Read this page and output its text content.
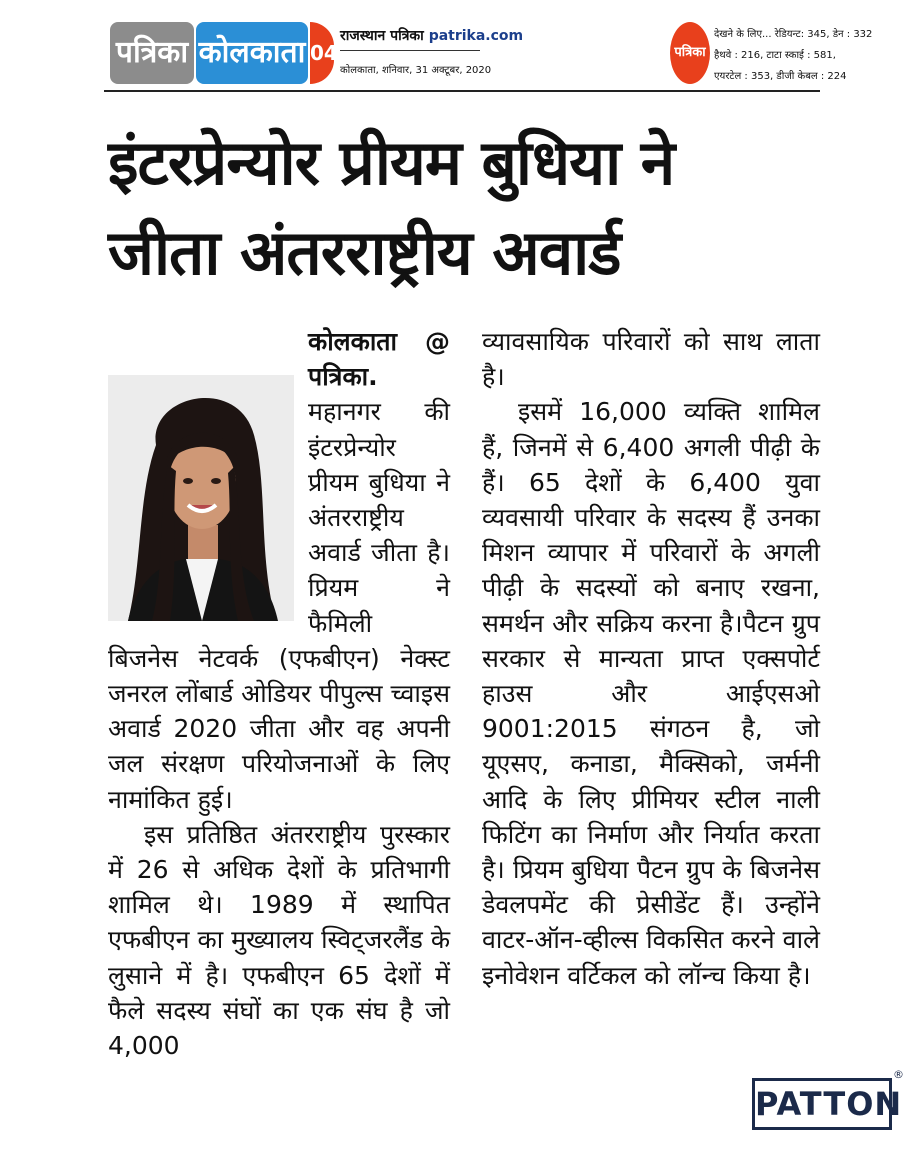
पत्रिका कोलकाता 04
राजस्थान पत्रिका patrika.com
कोलकाता, शनिवार, 31 अक्टूबर, 2020
पत्रिका
देखने के लिए... रेडियन्ट: 345, डेन : 332
हैथवे : 216, टाटा स्काई : 581,
एयरटेल : 353, डीजी केबल : 224
इंटरप्रेन्योर प्रीयम बुधिया ने
जीता अंतरराष्ट्रीय अवार्ड

कोलकाता @ पत्रिका. महानगर की इंटरप्रेन्योर प्रीयम बुधिया ने अंतरराष्ट्रीय अवार्ड जीता है। प्रियम ने फैमिली बिजनेस नेटवर्क (एफबीएन) नेक्स्ट जनरल लोंबार्ड ओडियर पीपुल्स च्वाइस अवार्ड 2020 जीता और वह अपनी जल संरक्षण परियोजनाओं के लिए नामांकित हुई।

इस प्रतिष्ठित अंतरराष्ट्रीय पुरस्कार में 26 से अधिक देशों के प्रतिभागी शामिल थे। 1989 में स्थापित एफबीएन का मुख्यालय स्विट्जरलैंड के लुसाने में है। एफबीएन 65 देशों में फैले सदस्य संघों का एक संघ है जो 4,000

व्यावसायिक परिवारों को साथ लाता है।

इसमें 16,000 व्यक्ति शामिल हैं, जिनमें से 6,400 अगली पीढ़ी के हैं। 65 देशों के 6,400 युवा व्यवसायी परिवार के सदस्य हैं उनका मिशन व्यापार में परिवारों के अगली पीढ़ी के सदस्यों को बनाए रखना, समर्थन और सक्रिय करना है।पैटन ग्रुप सरकार से मान्यता प्राप्त एक्सपोर्ट हाउस और आईएसओ 9001:2015 संगठन है, जो यूएसए, कनाडा, मैक्सिको, जर्मनी आदि के लिए प्रीमियर स्टील नाली फिटिंग का निर्माण और निर्यात करता है। प्रियम बुधिया पैटन ग्रुप के बिजनेस डेवलपमेंट की प्रेसीडेंट हैं। उन्होंने वाटर-ऑन-व्हील्स विकसित करने वाले इनोवेशन वर्टिकल को लॉन्च किया है।

PATTON
®
